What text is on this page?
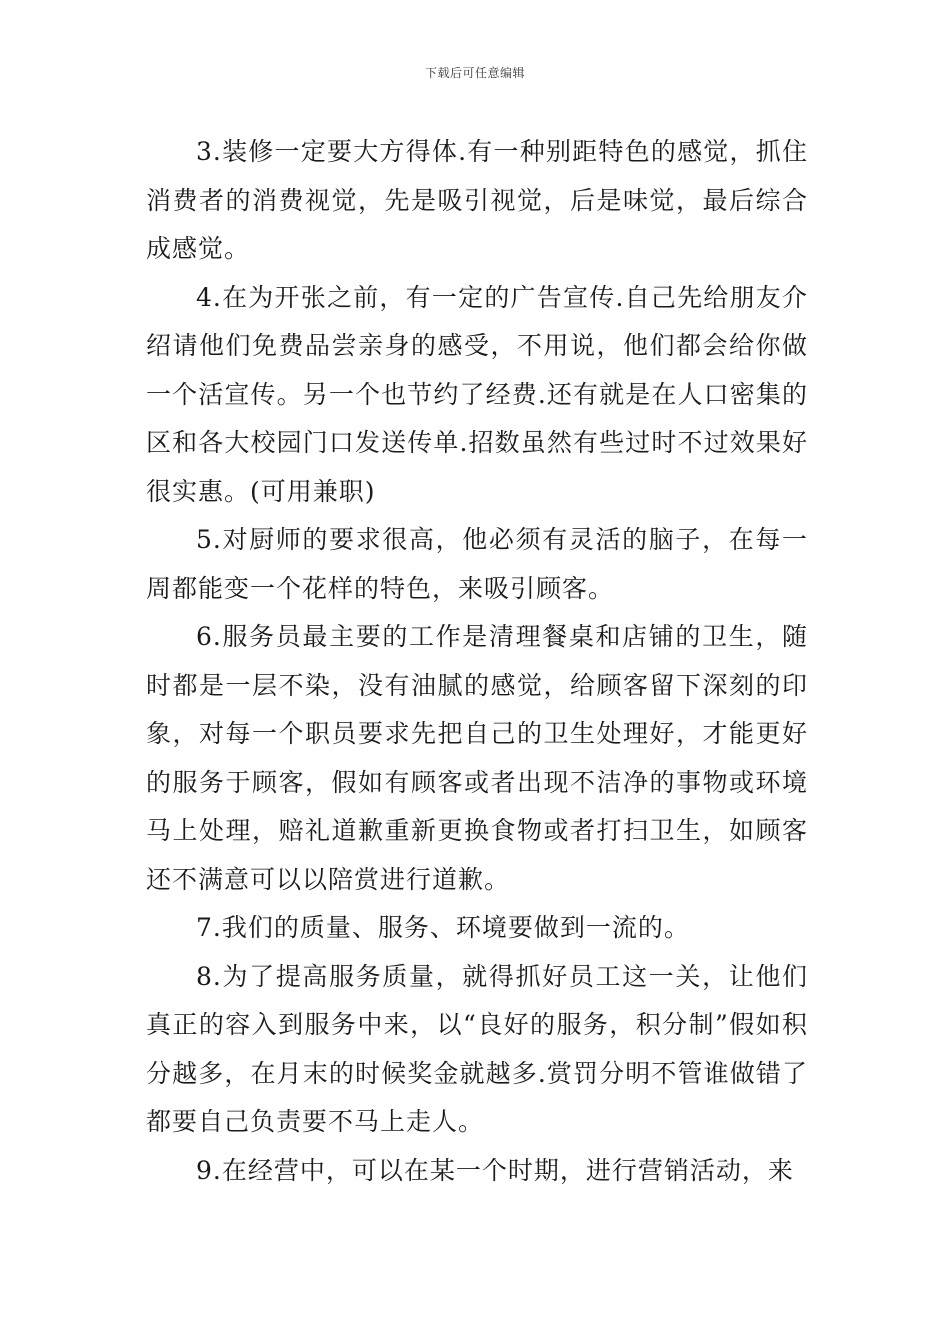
下载后可任意编辑

3.装修一定要大方得体.有一种别距特色的感觉，抓住消费者的消费视觉，先是吸引视觉，后是味觉，最后综合成感觉。

4.在为开张之前，有一定的广告宣传.自己先给朋友介绍请他们免费品尝亲身的感受，不用说，他们都会给你做一个活宣传。另一个也节约了经费.还有就是在人口密集的区和各大校园门口发送传单.招数虽然有些过时不过效果好很实惠。(可用兼职)

5.对厨师的要求很高，他必须有灵活的脑子，在每一周都能变一个花样的特色，来吸引顾客。

6.服务员最主要的工作是清理餐桌和店铺的卫生，随时都是一层不染，没有油腻的感觉，给顾客留下深刻的印象，对每一个职员要求先把自己的卫生处理好，才能更好的服务于顾客，假如有顾客或者出现不洁净的事物或环境马上处理，赔礼道歉重新更换食物或者打扫卫生，如顾客还不满意可以以陪赏进行道歉。

7.我们的质量、服务、环境要做到一流的。

8.为了提高服务质量，就得抓好员工这一关，让他们真正的容入到服务中来，以“良好的服务，积分制”假如积分越多，在月末的时候奖金就越多.赏罚分明不管谁做错了都要自己负责要不马上走人。

9.在经营中，可以在某一个时期，进行营销活动，来
